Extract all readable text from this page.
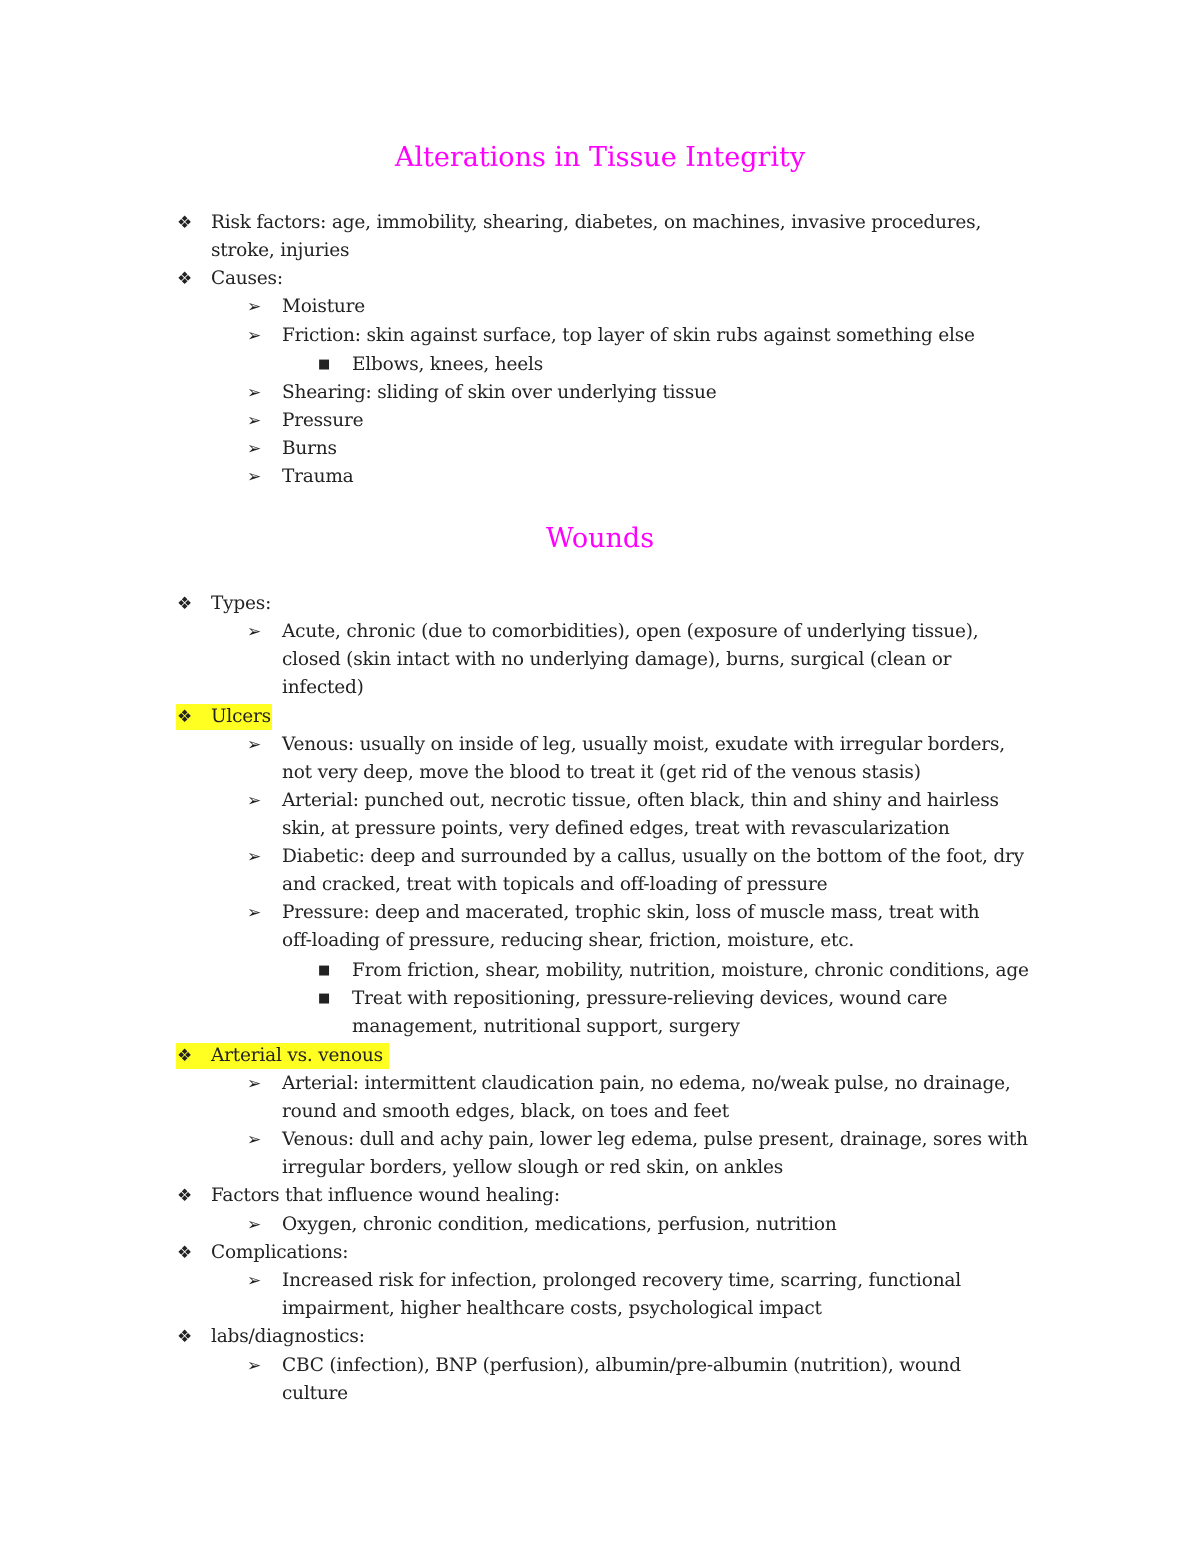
Alterations in Tissue Integrity
❖ Risk factors: age, immobility, shearing, diabetes, on machines, invasive procedures,
stroke, injuries
❖ Causes:
➢ Moisture
➢ Friction: skin against surface, top layer of skin rubs against something else
■ Elbows, knees, heels
➢ Shearing: sliding of skin over underlying tissue
➢ Pressure
➢ Burns
➢ Trauma
Wounds
❖ Types:
➢ Acute, chronic (due to comorbidities), open (exposure of underlying tissue),
closed (skin intact with no underlying damage), burns, surgical (clean or
infected)
❖ Ulcers
➢ Venous: usually on inside of leg, usually moist, exudate with irregular borders,
not very deep, move the blood to treat it (get rid of the venous stasis)
➢ Arterial: punched out, necrotic tissue, often black, thin and shiny and hairless
skin, at pressure points, very defined edges, treat with revascularization
➢ Diabetic: deep and surrounded by a callus, usually on the bottom of the foot, dry
and cracked, treat with topicals and off-loading of pressure
➢ Pressure: deep and macerated, trophic skin, loss of muscle mass, treat with
off-loading of pressure, reducing shear, friction, moisture, etc.
■ From friction, shear, mobility, nutrition, moisture, chronic conditions, age
■ Treat with repositioning, pressure-relieving devices, wound care
management, nutritional support, surgery
❖ Arterial vs. venous
➢ Arterial: intermittent claudication pain, no edema, no/weak pulse, no drainage,
round and smooth edges, black, on toes and feet
➢ Venous: dull and achy pain, lower leg edema, pulse present, drainage, sores with
irregular borders, yellow slough or red skin, on ankles
❖ Factors that influence wound healing:
➢ Oxygen, chronic condition, medications, perfusion, nutrition
❖ Complications:
➢ Increased risk for infection, prolonged recovery time, scarring, functional
impairment, higher healthcare costs, psychological impact
❖ labs/diagnostics:
➢ CBC (infection), BNP (perfusion), albumin/pre-albumin (nutrition), wound
culture
